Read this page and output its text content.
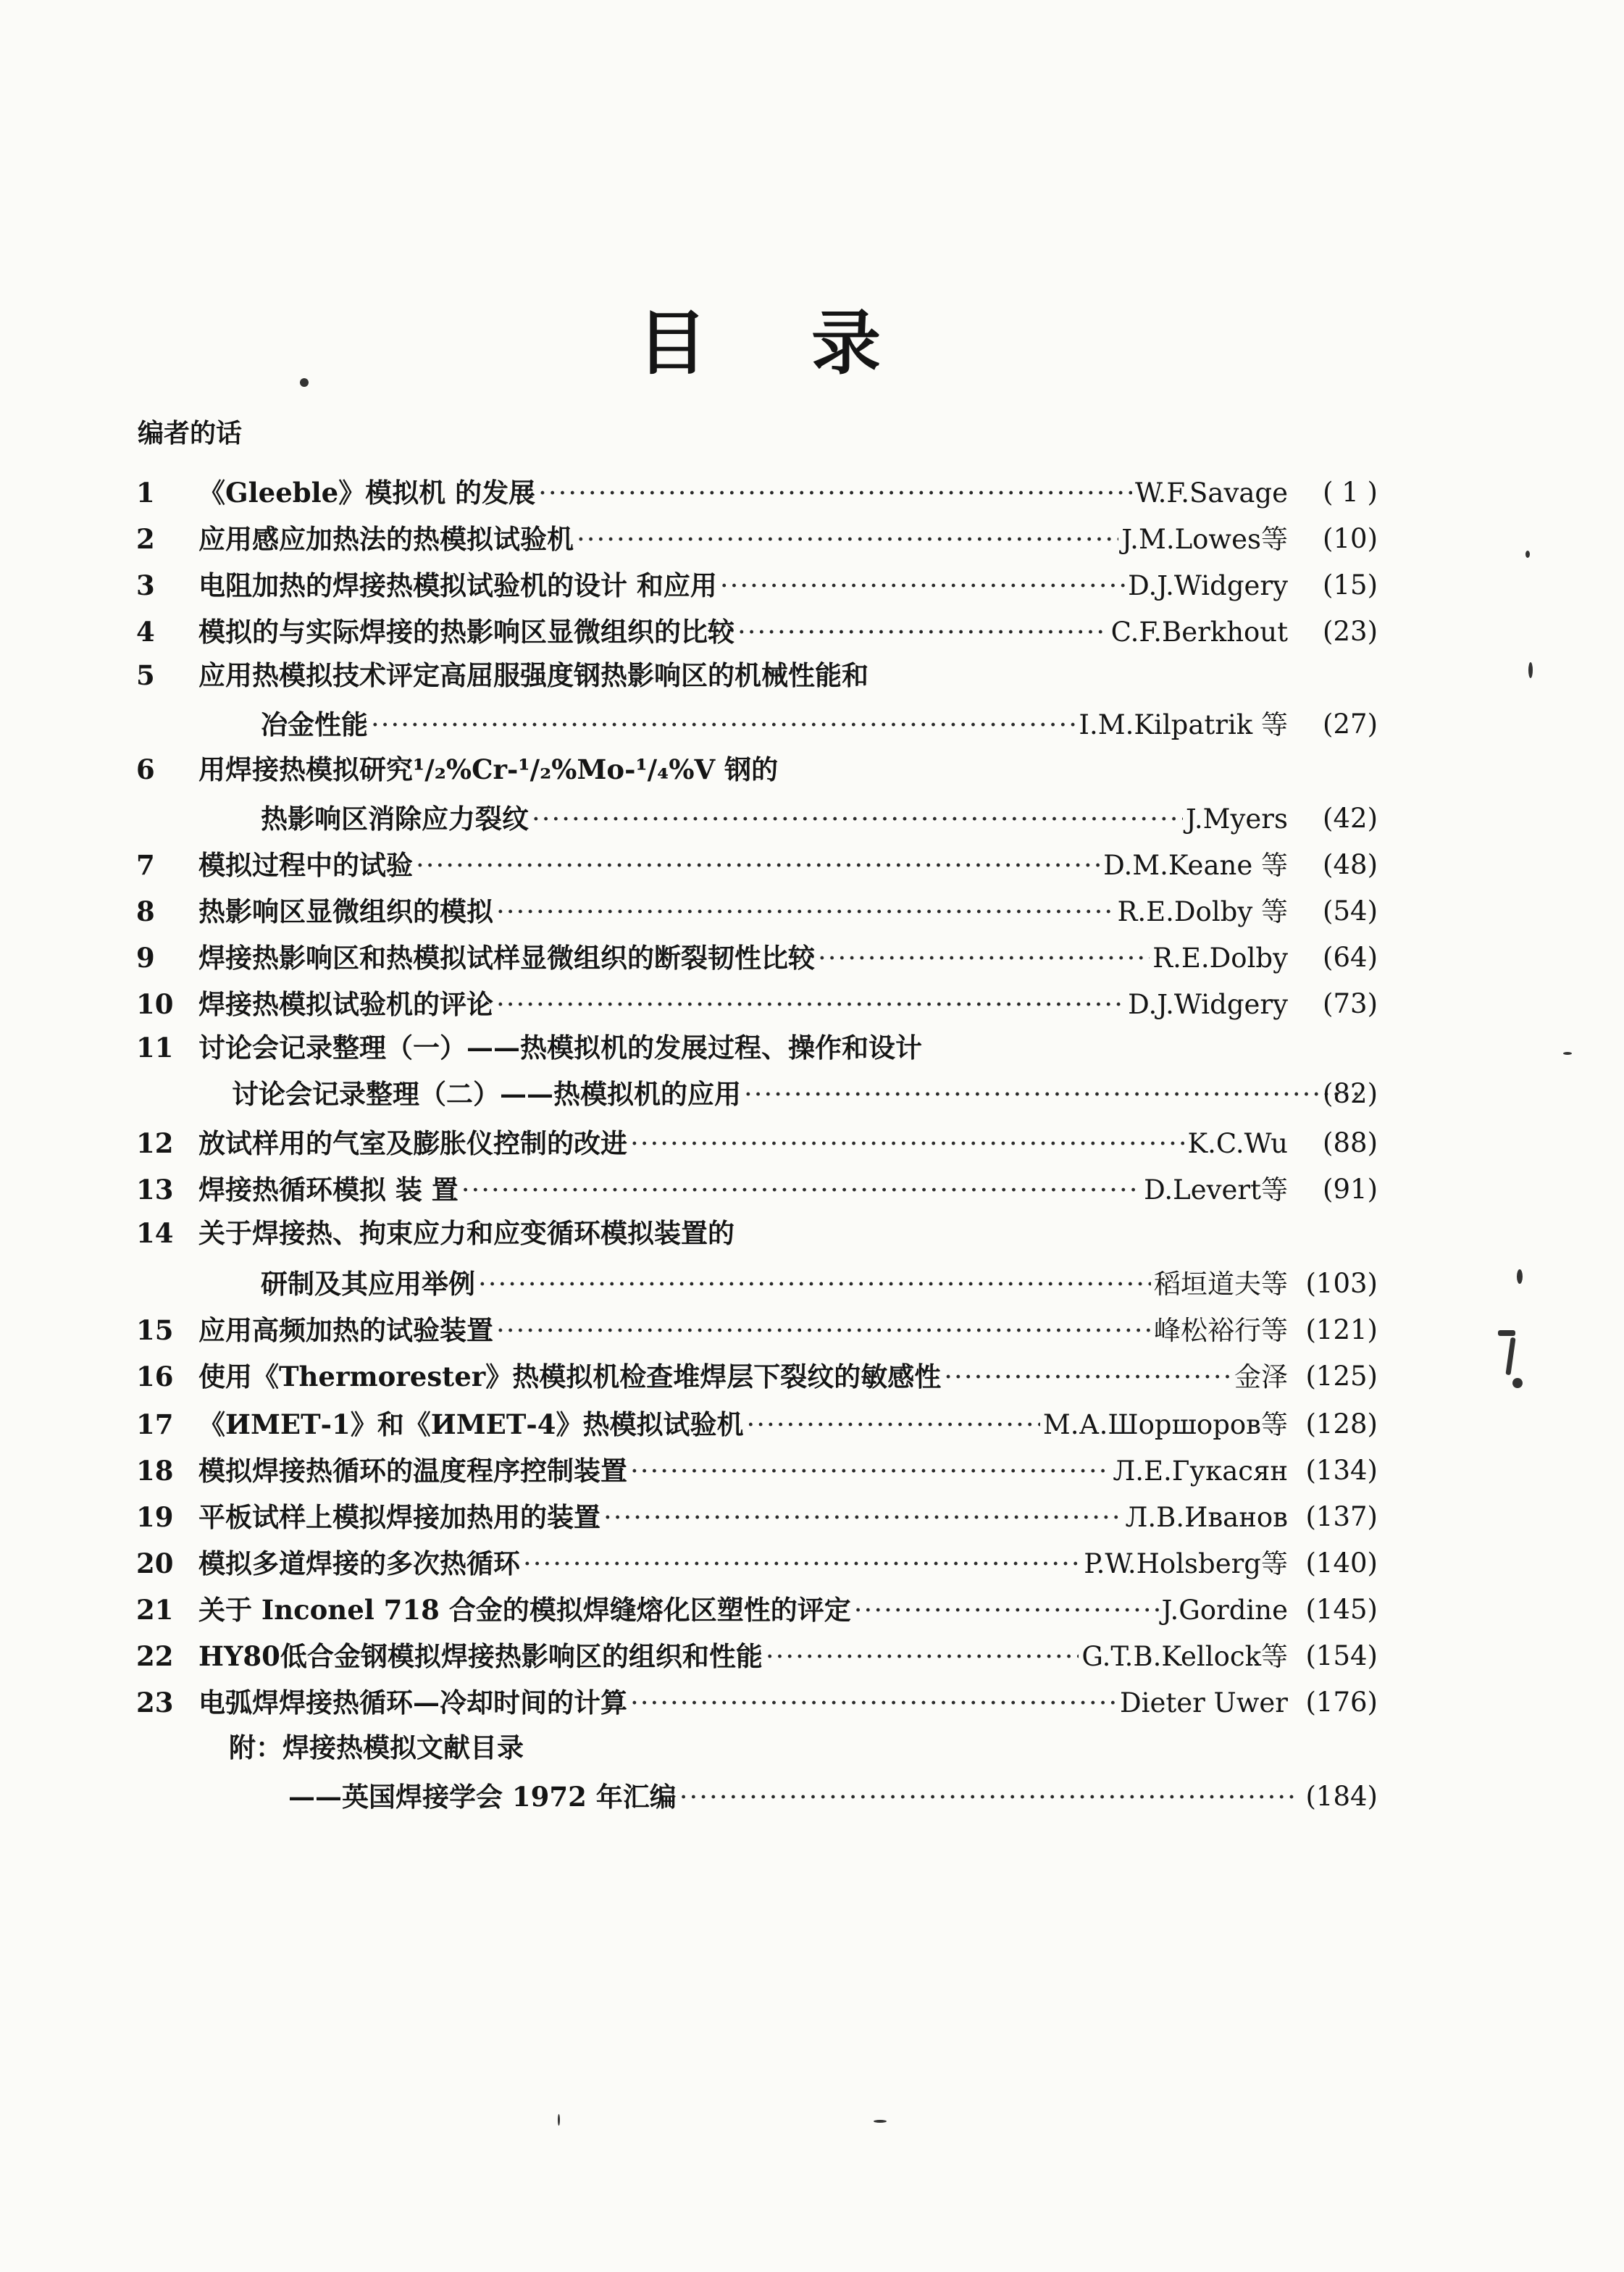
目 录
编者的话
1	《Gleeble》模拟机 的发展 ·····	W.F.Savage	( 1 )
2	应用感应加热法的热模拟试验机 ·····	J.M.Lowes等	(10)
3	电阻加热的焊接热模拟试验机的设计 和应用 ·····	D.J.Widgery	(15)
4	模拟的与实际焊接的热影响区显微组织的比较 ·····	C.F.Berkhout	(23)
5	应用热模拟技术评定高屈服强度钢热影响区的机械性能和
冶金性能 ·····	I.M.Kilpatrik 等	(27)
6	用焊接热模拟研究¹/₂%Cr-¹/₂%Mo-¹/₄%V 钢的
热影响区消除应力裂纹 ·····	J.Myers	(42)
7	模拟过程中的试验 ·····	D.M.Keane 等	(48)
8	热影响区显微组织的模拟 ·····	R.E.Dolby 等	(54)
9	焊接热影响区和热模拟试样显微组织的断裂韧性比较 ·····	R.E.Dolby	(64)
10 焊接热模拟试验机的评论 ·····	D.J.Widgery	(73)
11 讨论会记录整理（一）——热模拟机的发展过程、操作和设计
讨论会记录整理（二）——热模拟机的应用 ·····	(82)
12 放试样用的气室及膨胀仪控制的改进 ·····	K.C.Wu	(88)
13 焊接热循环模拟 装 置 ·····	D.Levert等	(91)
14 关于焊接热、拘束应力和应变循环模拟装置的
研制及其应用举例 ·····	稻垣道夫等 (103)
15 应用高频加热的试验装置 ·····	峰松裕行等 (121)
16 使用《Thermorester》热模拟机检查堆焊层下裂纹的敏感性 ·····	金泽 (125)
17 《ИМЕТ-1》和《ИМЕТ-4》热模拟试验机 ·····	М.А.Шоршоров等 (128)
18 模拟焊接热循环的温度程序控制装置 ·····	Л.Е.Гукасян (134)
19 平板试样上模拟焊接加热用的装置 ·····	Л.В.Иванов (137)
20 模拟多道焊接的多次热循环 ·····	P.W.Holsberg等 (140)
21 关于 Inconel 718 合金的模拟焊缝熔化区塑性的评定 ·····	J.Gordine (145)
22 HY80低合金钢模拟焊接热影响区的组织和性能 ·····	G.T.B.Kellock等 (154)
23 电弧焊焊接热循环—冷却时间的计算 ·····	Dieter Uwer (176)
附：焊接热模拟文献目录
——英国焊接学会 1972 年汇编 ·····	(184)
